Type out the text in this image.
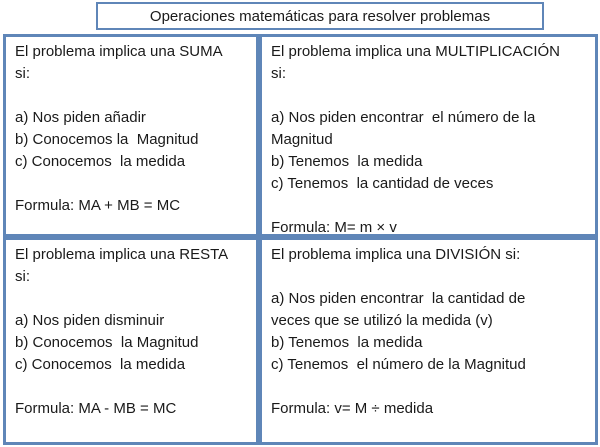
Operaciones matemáticas para resolver problemas
El problema implica una SUMA
si:
a) Nos piden añadir
b) Conocemos la  Magnitud
c) Conocemos  la medida
Formula: MA + MB = MC
El problema implica una MULTIPLICACIÓN
si:
a) Nos piden encontrar  el número de la
Magnitud
b) Tenemos  la medida
c) Tenemos  la cantidad de veces
Formula: M= m × v
El problema implica una RESTA
si:
a) Nos piden disminuir
b) Conocemos  la Magnitud
c) Conocemos  la medida
Formula: MA - MB = MC
El problema implica una DIVISIÓN si:
a) Nos piden encontrar  la cantidad de
veces que se utilizó la medida (v)
b) Tenemos  la medida
c) Tenemos  el número de la Magnitud
Formula: v= M ÷ medida
